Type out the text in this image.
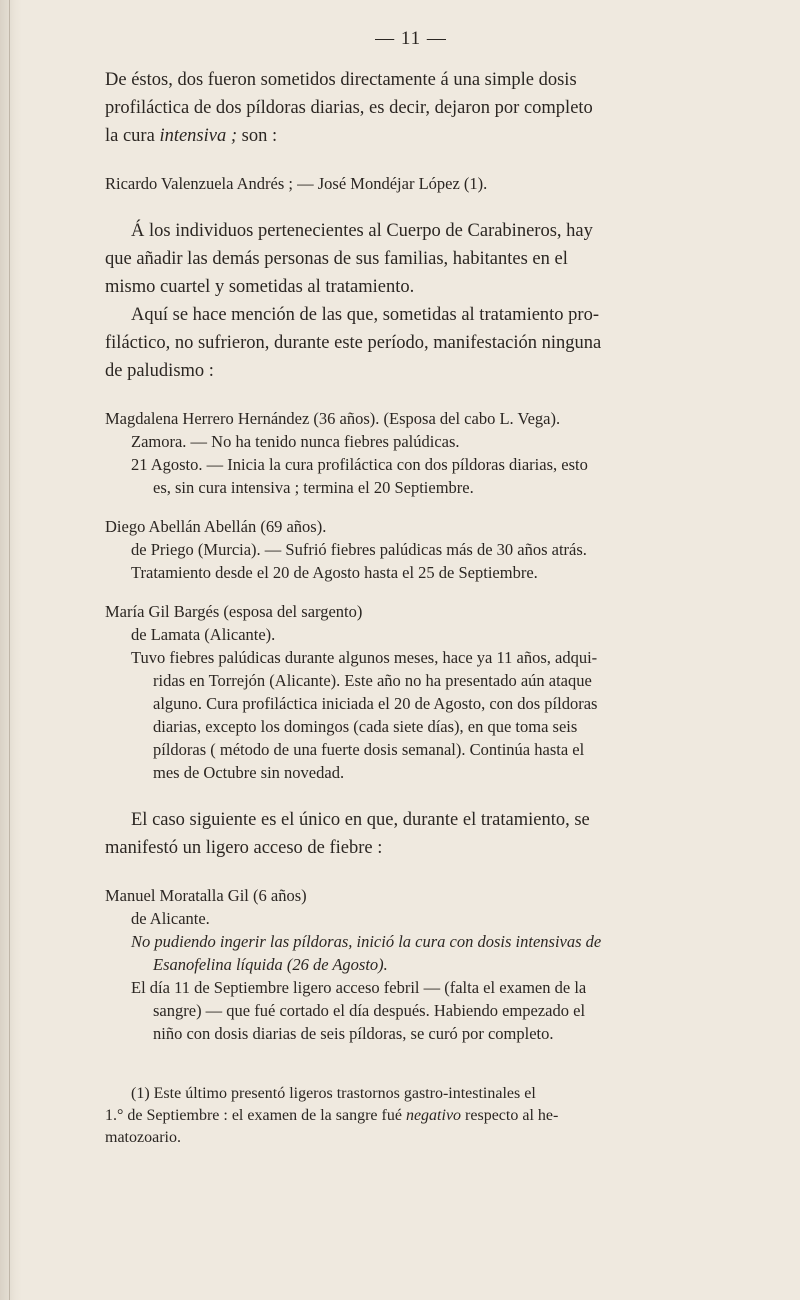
— 11 —
De éstos, dos fueron sometidos directamente á una simple dosis
profiláctica de dos píldoras diarias, es decir, dejaron por completo
la cura intensiva ; son :
Ricardo Valenzuela Andrés ; — José Mondéjar López (1).
Á los individuos pertenecientes al Cuerpo de Carabineros, hay
que añadir las demás personas de sus familias, habitantes en el
mismo cuartel y sometidas al tratamiento.
Aquí se hace mención de las que, sometidas al tratamiento pro-
filáctico, no sufrieron, durante este período, manifestación ninguna
de paludismo :
Magdalena Herrero Hernández (36 años). (Esposa del cabo L. Vega).
Zamora. — No ha tenido nunca fiebres palúdicas.
21 Agosto. — Inicia la cura profiláctica con dos píldoras diarias, esto
es, sin cura intensiva ; termina el 20 Septiembre.
Diego Abellán Abellán (69 años).
de Priego (Murcia). — Sufrió fiebres palúdicas más de 30 años atrás.
Tratamiento desde el 20 de Agosto hasta el 25 de Septiembre.
María Gil Bargés (esposa del sargento)
de Lamata (Alicante).
Tuvo fiebres palúdicas durante algunos meses, hace ya 11 años, adqui-
ridas en Torrejón (Alicante). Este año no ha presentado aún ataque
alguno. Cura profiláctica iniciada el 20 de Agosto, con dos píldoras
diarias, excepto los domingos (cada siete días), en que toma seis
píldoras ( método de una fuerte dosis semanal). Continúa hasta el
mes de Octubre sin novedad.
El caso siguiente es el único en que, durante el tratamiento, se
manifestó un ligero acceso de fiebre :
Manuel Moratalla Gil (6 años)
de Alicante.
No pudiendo ingerir las píldoras, inició la cura con dosis intensivas de
Esanofelina líquida (26 de Agosto).
El día 11 de Septiembre ligero acceso febril — (falta el examen de la
sangre) — que fué cortado el día después. Habiendo empezado el
niño con dosis diarias de seis píldoras, se curó por completo.
(1) Este último presentó ligeros trastornos gastro-intestinales el
1.° de Septiembre : el examen de la sangre fué negativo respecto al he-
matozoario.
